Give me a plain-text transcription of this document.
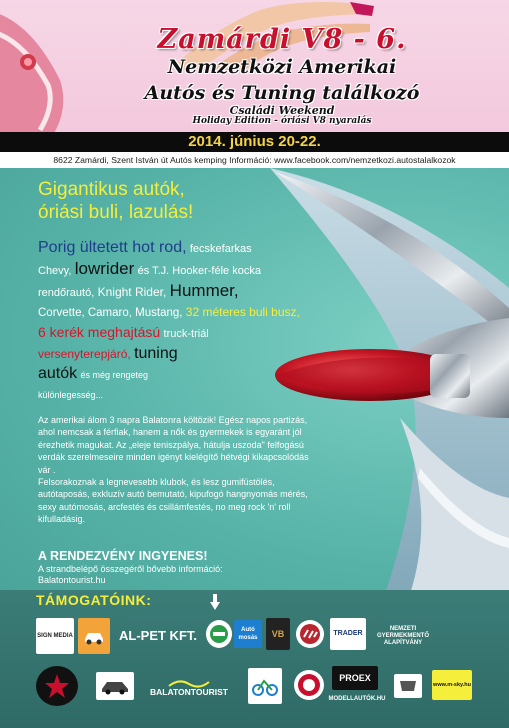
Zamárdi V8 - 6.
Nemzetközi Amerikai
Autós és Tuning találkozó
Családi Weekend
Holiday Edition - óriási V8 nyaralás
2014. június 20-22.
8622 Zamárdi, Szent István út Autós kemping Információ: www.facebook.com/nemzetkozi.autostalalkozok
Gigantikus autók,
óriási buli, lazulás!
Porig ültetett hot rod, fecskefarkas
Chevy, lowrider és T.J. Hooker-féle kocka
rendőrautó, Knight Rider, Hummer,
Corvette, Camaro, Mustang, 32 méteres buli busz,
6 kerék meghajtású truck-triál
versenyterepjáró, tuning
autók és még rengeteg
különlegesség...
Az amerikai álom 3 napra Balatonra költözik! Egész napos partizás, ahol nemcsak a férfiak, hanem a nők és gyermekek is egyaránt jól érezhetik magukat. Az „eleje teniszpálya, hátulja uszoda" felfogású verdák szerelmeseire minden igényt kielégítő hétvégi kikapcsolódás vár .
Felsorakoznak a legnevesebb klubok, és lesz gumifüstölés, autótaposás, exkluzív autó bemutató, kipufogó hangnyomás mérés, sexy autómosás, arcfestés és csillámfestés, no meg rock 'n' roll kifulladásig.
A RENDEZVÉNY INGYENES!
A strandbelépő összegéről bővebb információ:
Balatontourist.hu
TÁMOGATÓINK:
SIGN MEDIA	AL-PET KFT.	Autó mosás	VB	TRADER
NEMZETI GYERMEKMENTŐ ALAPÍTVÁNY
BALATONTOURIST
PROEX
MODELLAUTÓK.HU
www.m-sky.hu
